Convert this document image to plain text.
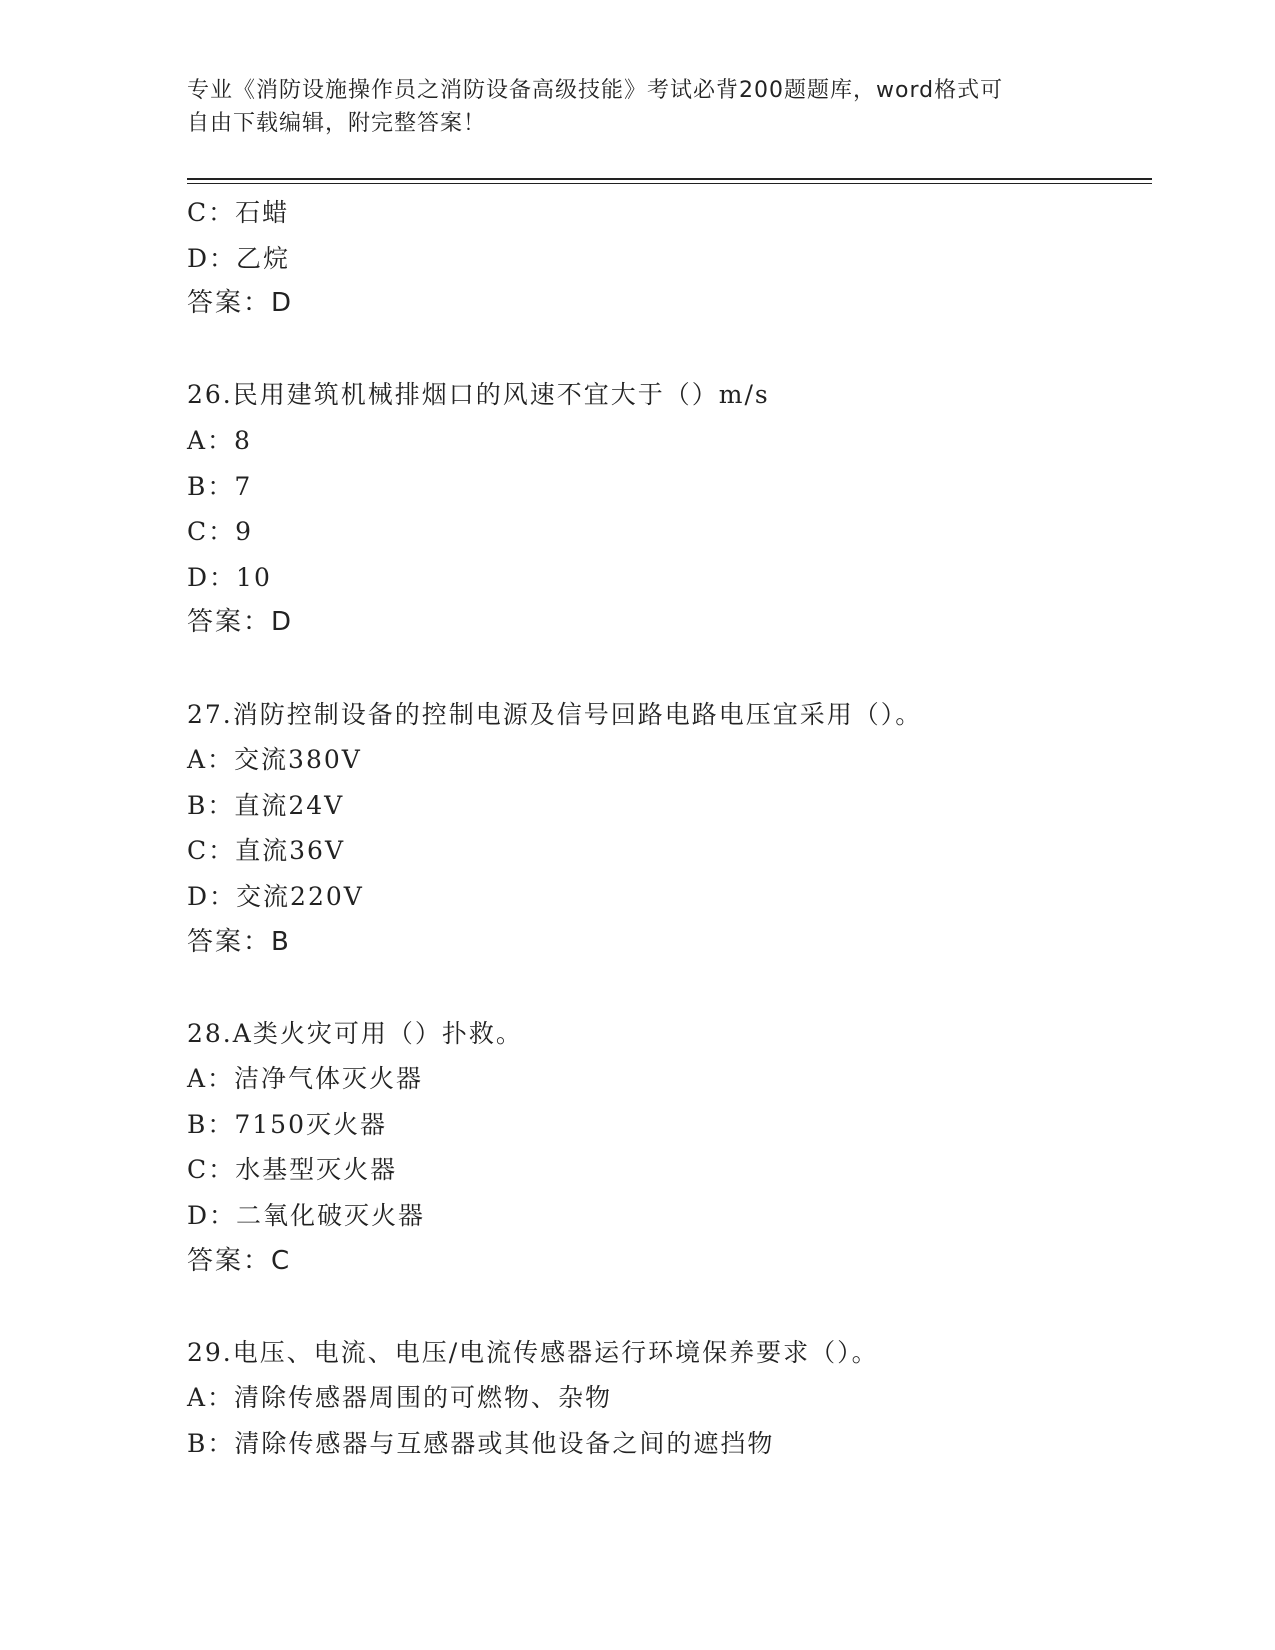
专业《消防设施操作员之消防设备高级技能》考试必背200题题库，word格式可
自由下载编辑，附完整答案！
C：石蜡
D：乙烷
答案：D
26.民用建筑机械排烟口的风速不宜大于（）m/s
A：8
B：7
C：9
D：10
答案：D
27.消防控制设备的控制电源及信号回路电路电压宜采用（）。
A：交流380V
B：直流24V
C：直流36V
D：交流220V
答案：B
28.A类火灾可用（）扑救。
A：洁净气体灭火器
B：7150灭火器
C：水基型灭火器
D：二氧化破灭火器
答案：C
29.电压、电流、电压/电流传感器运行环境保养要求（）。
A：清除传感器周围的可燃物、杂物
B：清除传感器与互感器或其他设备之间的遮挡物
